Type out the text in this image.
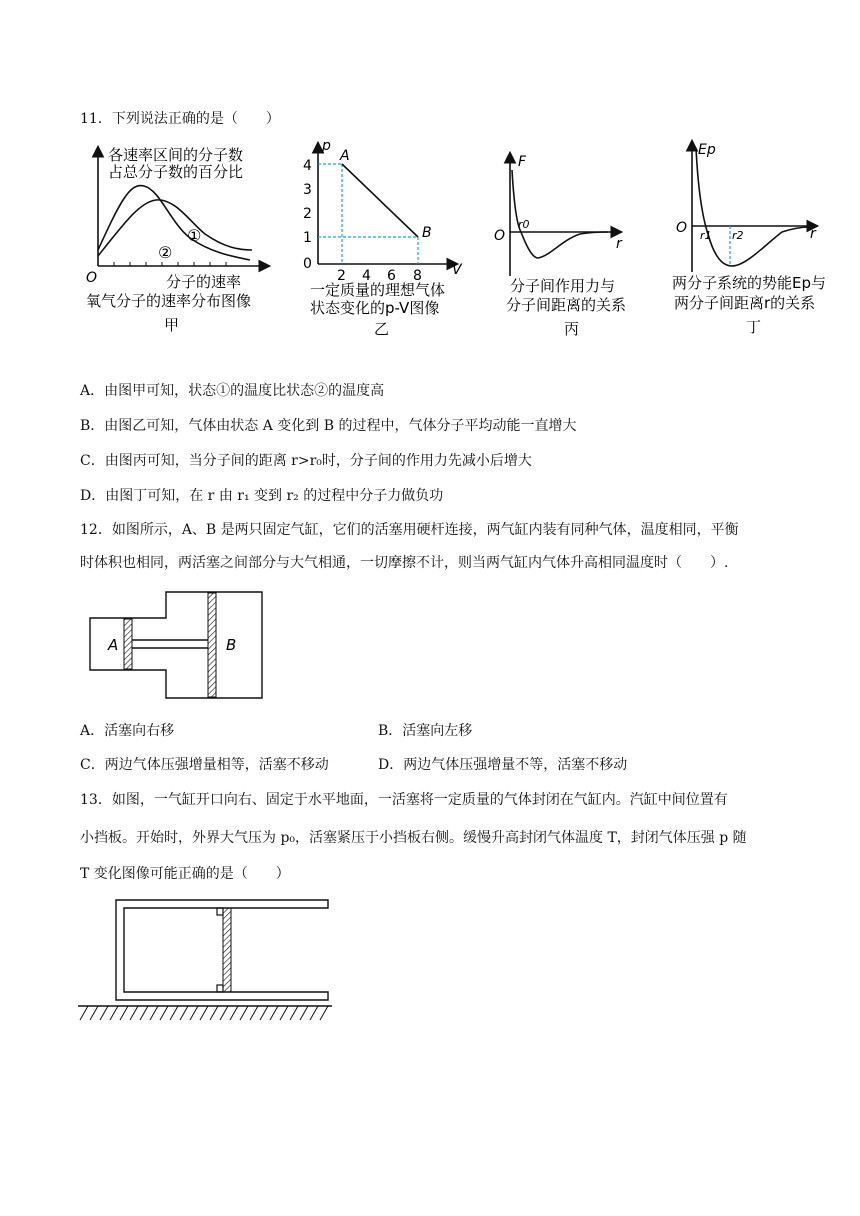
11．下列说法正确的是（　　）
各速率区间的分子数
占总分子数的百分比
①
②
O	分子的速率
氧气分子的速率分布图像
甲
p
V
A
B
4
3
2
1
0
2 4 6 8
一定质量的理想气体
状态变化的p-V图像
乙
F
r
O
r0
分子间作用力与
分子间距离的关系
丙
Ep
r
O r1 r2
两分子系统的势能Ep与
两分子间距离r的关系
丁
A．由图甲可知，状态①的温度比状态②的温度高
B．由图乙可知，气体由状态 A 变化到 B 的过程中，气体分子平均动能一直增大
C．由图丙可知，当分子间的距离 r>r₀时，分子间的作用力先减小后增大
D．由图丁可知，在 r 由 r₁ 变到 r₂ 的过程中分子力做负功
12．如图所示，A、B 是两只固定气缸，它们的活塞用硬杆连接，两气缸内装有同种气体，温度相同，平衡
时体积也相同，两活塞之间部分与大气相通，一切摩擦不计，则当两气缸内气体升高相同温度时（　　）.
A	B
A．活塞向右移	B．活塞向左移
C．两边气体压强增量相等，活塞不移动	D．两边气体压强增量不等，活塞不移动
13．如图，一气缸开口向右、固定于水平地面，一活塞将一定质量的气体封闭在气缸内。汽缸中间位置有
小挡板。开始时，外界大气压为 p₀，活塞紧压于小挡板右侧。缓慢升高封闭气体温度 T，封闭气体压强 p 随
T 变化图像可能正确的是（　　）
